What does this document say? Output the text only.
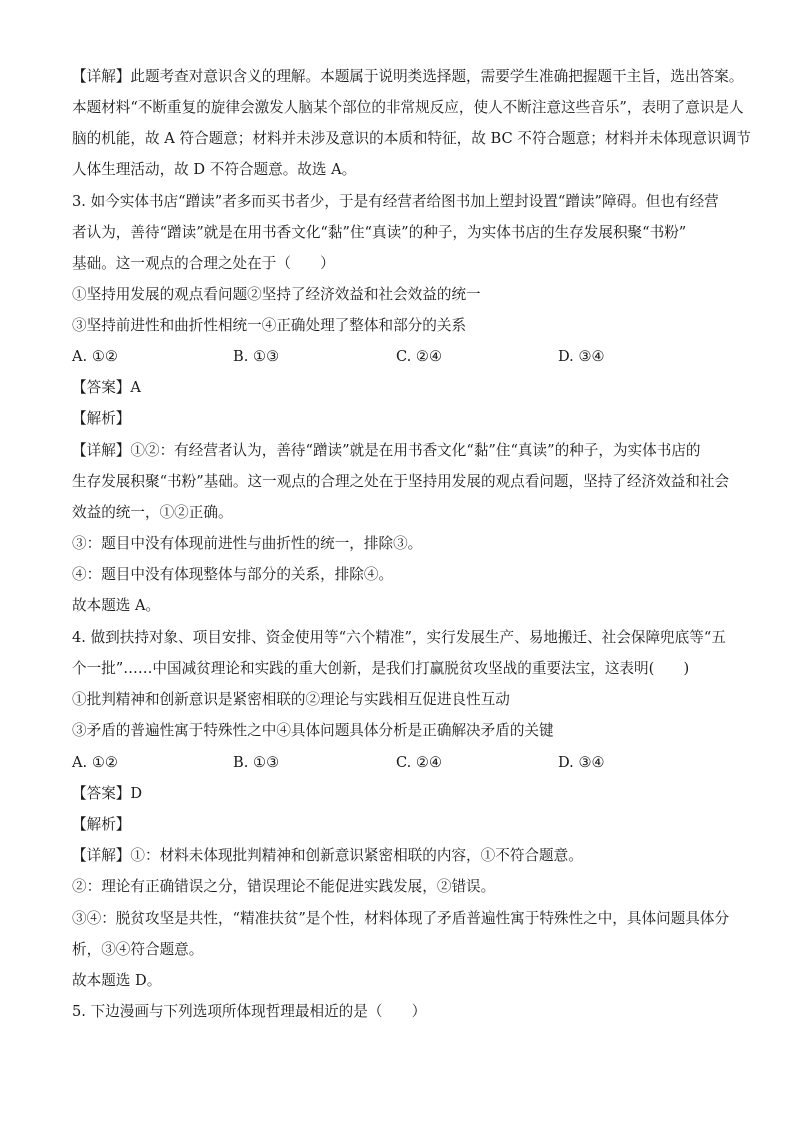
【详解】此题考查对意识含义的理解。本题属于说明类选择题，需要学生准确把握题干主旨，选出答案。
本题材料“不断重复的旋律会激发人脑某个部位的非常规反应，使人不断注意这些音乐”，表明了意识是人
脑的机能，故 A 符合题意；材料并未涉及意识的本质和特征，故 BC 不符合题意；材料并未体现意识调节
人体生理活动，故 D 不符合题意。故选 A。
3. 如今实体书店“蹭读”者多而买书者少，于是有经营者给图书加上塑封设置“蹭读”障碍。但也有经营
者认为，善待“蹭读”就是在用书香文化“黏”住“真读”的种子，为实体书店的生存发展积聚“书粉”
基础。这一观点的合理之处在于（　　）
①坚持用发展的观点看问题②坚持了经济效益和社会效益的统一
③坚持前进性和曲折性相统一④正确处理了整体和部分的关系
A. ①②	B. ①③	C. ②④	D. ③④
【答案】A
【解析】
【详解】①②：有经营者认为，善待“蹭读”就是在用书香文化“黏”住“真读”的种子，为实体书店的
生存发展积聚“书粉”基础。这一观点的合理之处在于坚持用发展的观点看问题，坚持了经济效益和社会
效益的统一，①②正确。
③：题目中没有体现前进性与曲折性的统一，排除③。
④：题目中没有体现整体与部分的关系，排除④。
故本题选 A。
4. 做到扶持对象、项目安排、资金使用等“六个精准”，实行发展生产、易地搬迁、社会保障兜底等“五
个一批”……中国减贫理论和实践的重大创新，是我们打赢脱贫攻坚战的重要法宝，这表明(　　)
①批判精神和创新意识是紧密相联的②理论与实践相互促进良性互动
③矛盾的普遍性寓于特殊性之中④具体问题具体分析是正确解决矛盾的关键
A. ①②	B. ①③	C. ②④	D. ③④
【答案】D
【解析】
【详解】①：材料未体现批判精神和创新意识紧密相联的内容，①不符合题意。
②：理论有正确错误之分，错误理论不能促进实践发展，②错误。
③④：脱贫攻坚是共性，“精准扶贫”是个性，材料体现了矛盾普遍性寓于特殊性之中，具体问题具体分
析，③④符合题意。
故本题选 D。
5. 下边漫画与下列选项所体现哲理最相近的是（　　）
